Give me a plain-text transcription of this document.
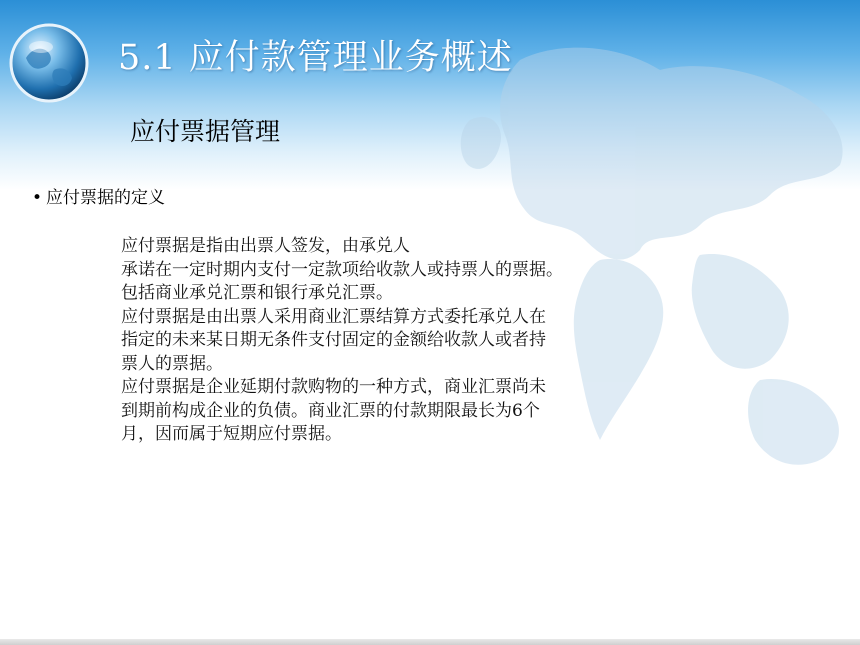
5.1 应付款管理业务概述
应付票据管理
• 应付票据的定义
应付票据是指由出票人签发，由承兑人
承诺在一定时期内支付一定款项给收款人或持票人的票据。
包括商业承兑汇票和银行承兑汇票。
应付票据是由出票人采用商业汇票结算方式委托承兑人在
指定的未来某日期无条件支付固定的金额给收款人或者持
票人的票据。
应付票据是企业延期付款购物的一种方式，商业汇票尚未
到期前构成企业的负债。商业汇票的付款期限最长为6个
月，因而属于短期应付票据。
